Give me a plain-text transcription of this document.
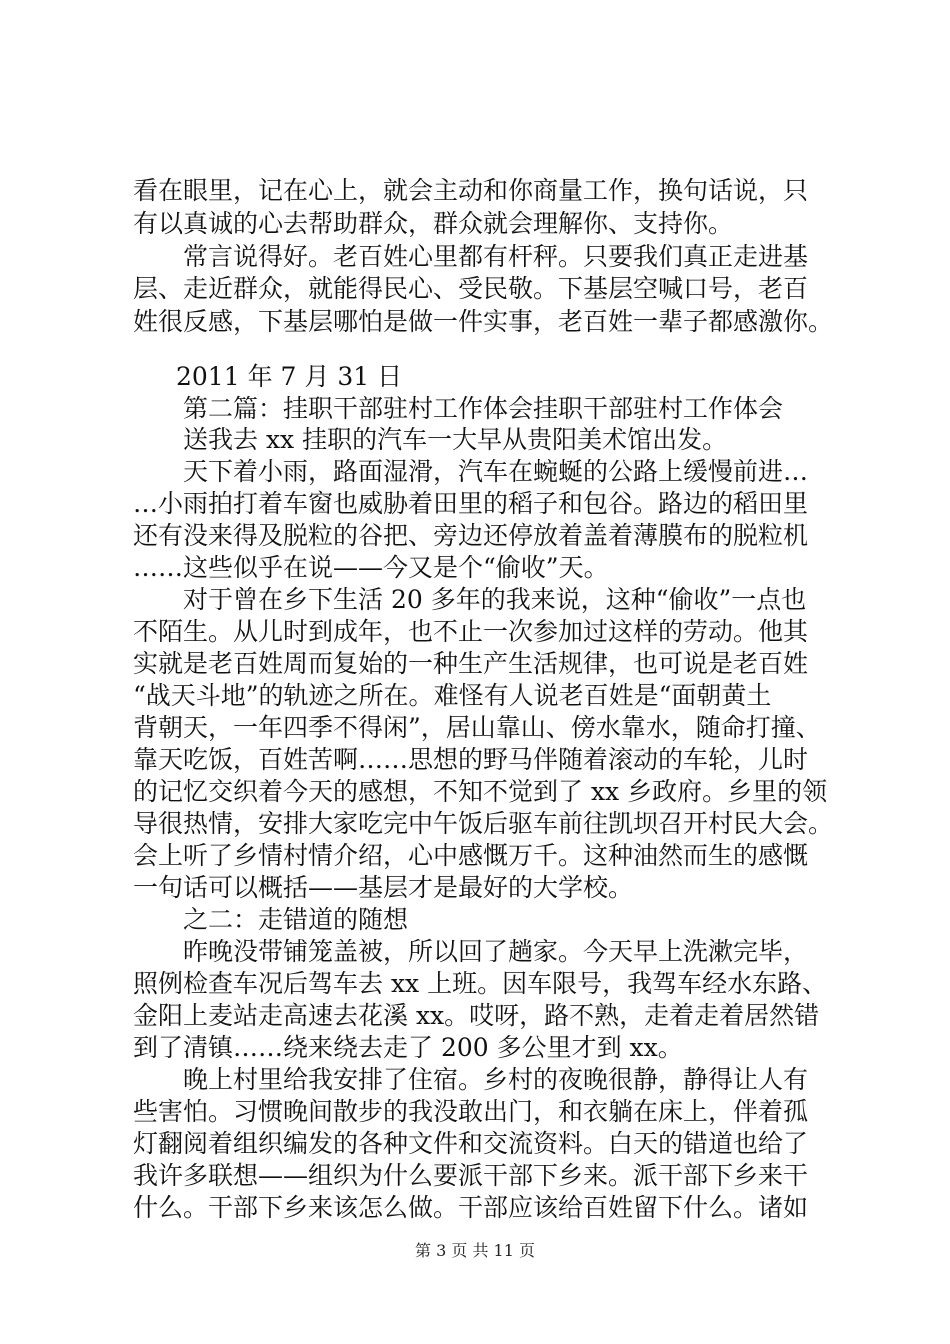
看在眼里，记在心上，就会主动和你商量工作，换句话说，只
有以真诚的心去帮助群众，群众就会理解你、支持你。
常言说得好。老百姓心里都有杆秤。只要我们真正走进基
层、走近群众，就能得民心、受民敬。下基层空喊口号，老百
姓很反感，下基层哪怕是做一件实事，老百姓一辈子都感激你。
2011 年 7 月 31 日
第二篇：挂职干部驻村工作体会挂职干部驻村工作体会
送我去 xx 挂职的汽车一大早从贵阳美术馆出发。
天下着小雨，路面湿滑，汽车在蜿蜒的公路上缓慢前进…
…小雨拍打着车窗也威胁着田里的稻子和包谷。路边的稻田里
还有没来得及脱粒的谷把、旁边还停放着盖着薄膜布的脱粒机
……这些似乎在说——今又是个“偷收”天。
对于曾在乡下生活 20 多年的我来说，这种“偷收”一点也
不陌生。从儿时到成年，也不止一次参加过这样的劳动。他其
实就是老百姓周而复始的一种生产生活规律，也可说是老百姓
“战天斗地”的轨迹之所在。难怪有人说老百姓是“面朝黄土
背朝天，一年四季不得闲”，居山靠山、傍水靠水，随命打撞、
靠天吃饭，百姓苦啊……思想的野马伴随着滚动的车轮，儿时
的记忆交织着今天的感想，不知不觉到了 xx 乡政府。乡里的领
导很热情，安排大家吃完中午饭后驱车前往凯坝召开村民大会。
会上听了乡情村情介绍，心中感慨万千。这种油然而生的感慨
一句话可以概括——基层才是最好的大学校。
之二：走错道的随想
昨晚没带铺笼盖被，所以回了趟家。今天早上洗漱完毕，
照例检查车况后驾车去 xx 上班。因车限号，我驾车经水东路、
金阳上麦站走高速去花溪 xx。哎呀，路不熟，走着走着居然错
到了清镇……绕来绕去走了 200 多公里才到 xx。
晚上村里给我安排了住宿。乡村的夜晚很静，静得让人有
些害怕。习惯晚间散步的我没敢出门，和衣躺在床上，伴着孤
灯翻阅着组织编发的各种文件和交流资料。白天的错道也给了
我许多联想——组织为什么要派干部下乡来。派干部下乡来干
什么。干部下乡来该怎么做。干部应该给百姓留下什么。诸如
第 3 页 共 11 页
